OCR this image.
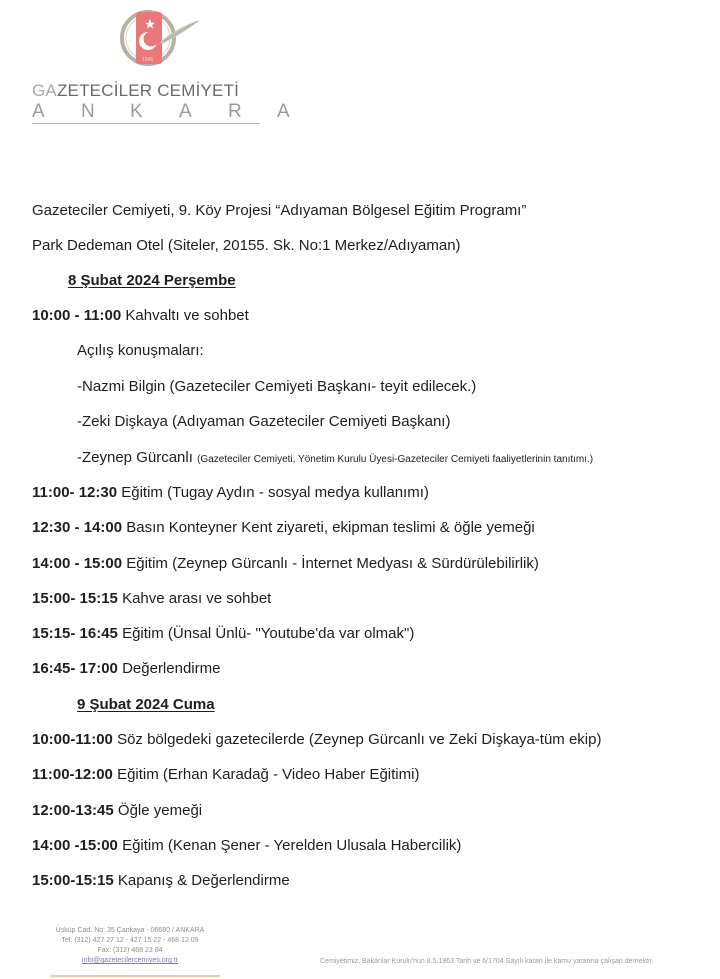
1946
GAZETECİLER CEMİYETİ
A N K A R A
Gazeteciler Cemiyeti, 9. Köy Projesi “Adıyaman Bölgesel Eğitim Programı”
Park Dedeman Otel (Siteler, 20155. Sk. No:1 Merkez/Adıyaman)
8 Şubat 2024 Perşembe
10:00 - 11:00 Kahvaltı ve sohbet
Açılış konuşmaları:
-Nazmi Bilgin (Gazeteciler Cemiyeti Başkanı- teyit edilecek.)
-Zeki Dişkaya (Adıyaman Gazeteciler Cemiyeti Başkanı)
-Zeynep Gürcanlı (Gazeteciler Cemiyeti, Yönetim Kurulu Üyesi-Gazeteciler Cemiyeti faaliyetlerinin tanıtımı.)
11:00- 12:30 Eğitim (Tugay Aydın - sosyal medya kullanımı)
12:30 - 14:00 Basın Konteyner Kent ziyareti, ekipman teslimi & öğle yemeği
14:00 - 15:00 Eğitim (Zeynep Gürcanlı - İnternet Medyası & Sürdürülebilirlik)
15:00- 15:15 Kahve arası ve sohbet
15:15- 16:45 Eğitim (Ünsal Ünlü- "Youtube'da var olmak")
16:45- 17:00 Değerlendirme
9 Şubat 2024 Cuma
10:00-11:00 Söz bölgedeki gazetecilerde (Zeynep Gürcanlı ve Zeki Dişkaya-tüm ekip)
11:00-12:00 Eğitim (Erhan Karadağ - Video Haber Eğitimi)
12:00-13:45 Öğle yemeği
14:00 -15:00 Eğitim (Kenan Şener - Yerelden Ulusala Habercilik)
15:00-15:15 Kapanış & Değerlendirme
Üsküp Cad. No: 35 Çankaya - 06680 / ANKARA
Tel: (312) 427 27 12 - 427 15 22 - 468 12 09
Fax: (312) 468 23 84
info@gazetecilercemiyeti.org.tr	Cemiyetimiz, Bakanlar Kurulu'nun 8.5.1963 Tarih ve 6/1704 Sayılı kararı ile kamu yararına çalışan dernektir.
